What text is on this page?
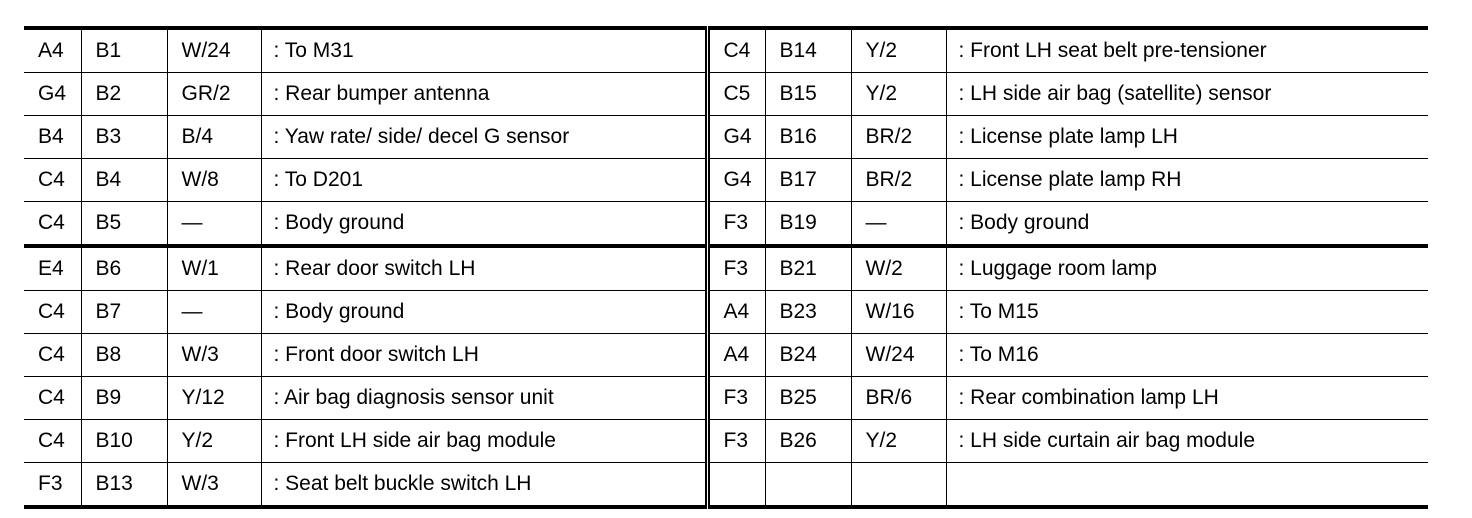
A4	B1	W/24	: To M31	C4	B14	Y/2	: Front LH seat belt pre-tensioner
G4	B2	GR/2	: Rear bumper antenna	C5	B15	Y/2	: LH side air bag (satellite) sensor
B4	B3	B/4	: Yaw rate/ side/ decel G sensor	G4	B16	BR/2	: License plate lamp LH
C4	B4	W/8	: To D201	G4	B17	BR/2	: License plate lamp RH
C4	B5	—	: Body ground	F3	B19	—	: Body ground
E4	B6	W/1	: Rear door switch LH	F3	B21	W/2	: Luggage room lamp
C4	B7	—	: Body ground	A4	B23	W/16	: To M15
C4	B8	W/3	: Front door switch LH	A4	B24	W/24	: To M16
C4	B9	Y/12	: Air bag diagnosis sensor unit	F3	B25	BR/6	: Rear combination lamp LH
C4	B10	Y/2	: Front LH side air bag module	F3	B26	Y/2	: LH side curtain air bag module
F3	B13	W/3	: Seat belt buckle switch LH				
